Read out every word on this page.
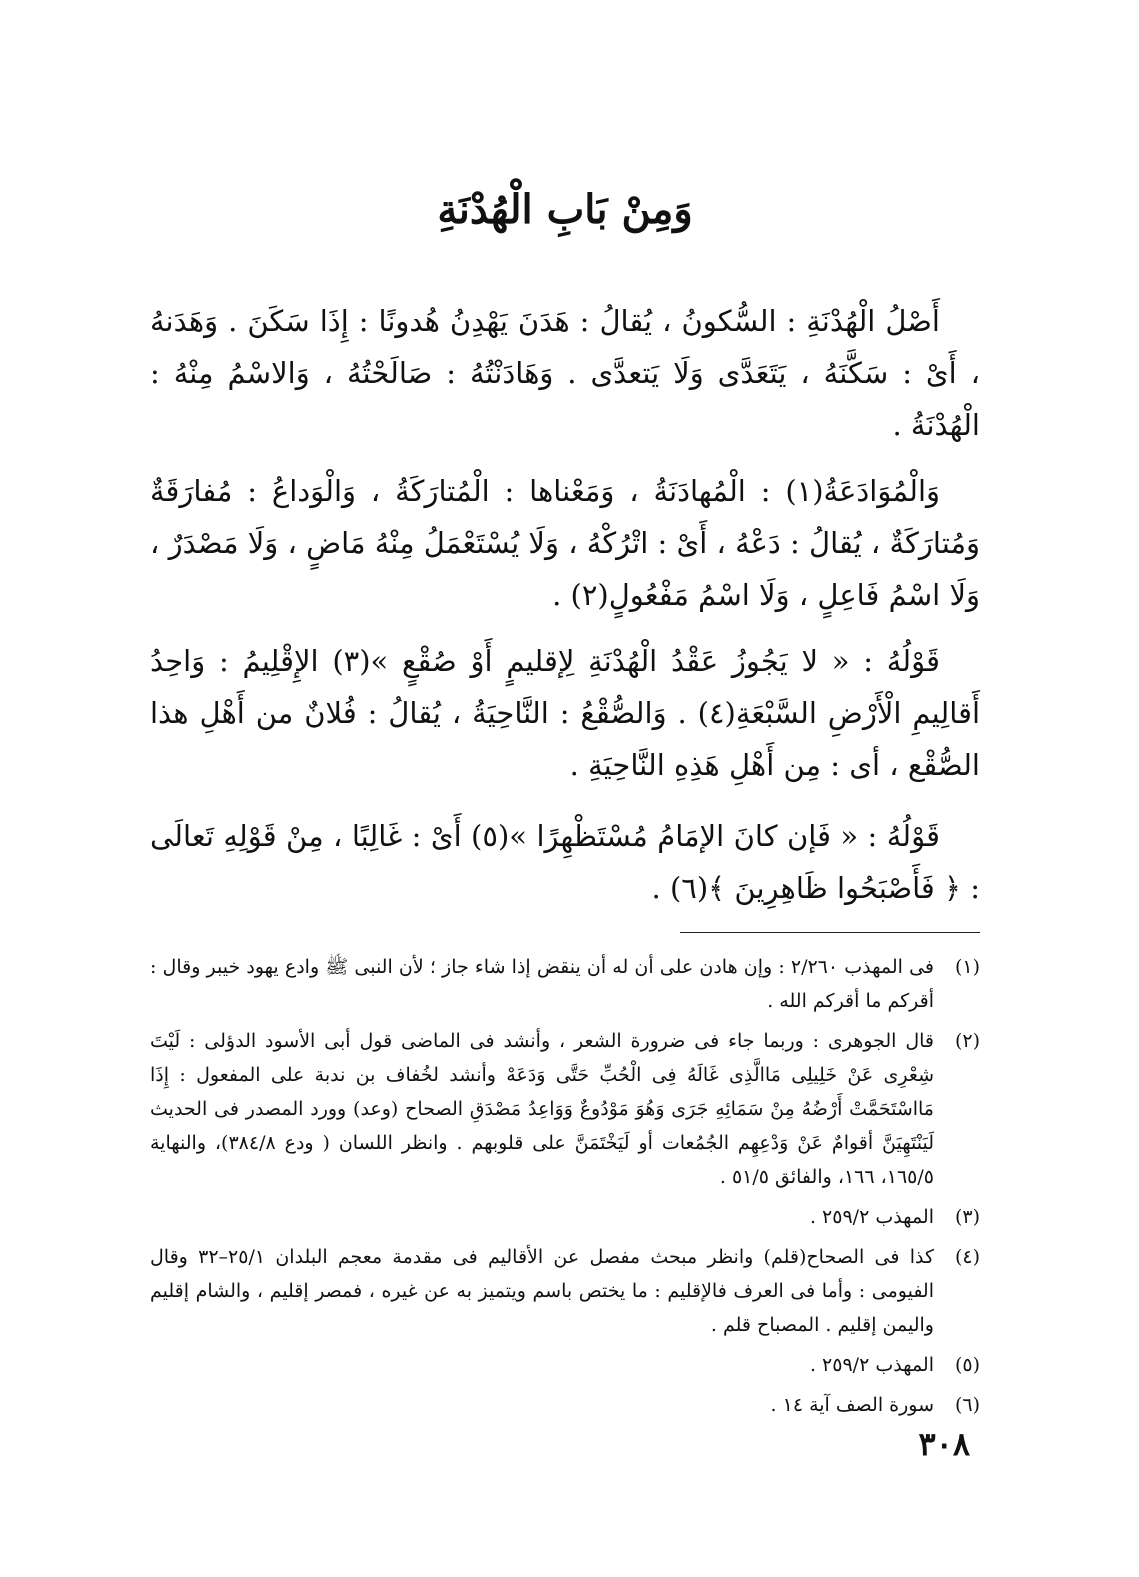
وَمِنْ بَابِ الْهُدْنَةِ

أَصْلُ الْهُدْنَةِ : السُّكونُ ، يُقالُ : هَدَنَ يَهْدِنُ هُدونًا : إِذَا سَكَنَ . وَهَدَنهُ ، أَىْ : سَكَّنَهُ ، يَتَعَدَّى وَلَا يَتعدَّى . وَهَادَنْتُهُ : صَالَحْتُهُ ، وَالاسْمُ مِنْهُ : الْهُدْنَةُ .

وَالْمُوَادَعَةُ(١) : الْمُهادَنَةُ ، وَمَعْناها : الْمُتارَكَةُ ، وَالْوَداعُ : مُفارَقَةٌ وَمُتارَكَةٌ ، يُقالُ : دَعْهُ ، أَىْ : اتْرُكْهُ ، وَلَا يُسْتَعْمَلُ مِنْهُ مَاضٍ ، وَلَا مَصْدَرٌ ، وَلَا اسْمُ فَاعِلٍ ، وَلَا اسْمُ مَفْعُولٍ(٢) .

قَوْلُهُ : « لا يَجُوزُ عَقْدُ الْهُدْنَةِ لِإقليمٍ أَوْ صُقْعٍ »(٣) الإِقْلِيمُ : وَاحِدُ أَقالِيمِ الْأَرْضِ السَّبْعَةِ(٤) . وَالصُّقْعُ : النَّاحِيَةُ ، يُقالُ : فُلانٌ من أَهْلِ هذا الصُّقْع ، أى : مِن أَهْلِ هَذِهِ النَّاحِيَةِ .

قَوْلُهُ : « فَإن كانَ الإمَامُ مُسْتَظْهِرًا »(٥) أَىْ : غَالِبًا ، مِنْ قَوْلِهِ تَعالَى : ﴿ فَأَصْبَحُوا ظَاهِرِينَ ﴾(٦) .

(١)
فى المهذب ٢/٢٦٠ : وإن هادن على أن له أن ينقض إذا شاء جاز ؛ لأن النبى ﷺ وادع يهود خيبر وقال : أقركم ما أقركم الله .
(٢)
قال الجوهرى : وربما جاء فى ضرورة الشعر ، وأنشد فى الماضى قول أبى الأسود الدؤلى : لَيْتَ شِعْرِى عَنْ خَلِيلِى مَاالَّذِى غَالَهُ فِى الْحُبِّ حَتَّى وَدَعَهْ وأنشد لخُفاف بن ندبة على المفعول : إِذَا مَااسْتَحَمَّتْ أَرْضُهُ مِنْ سَمَائِهِ جَرَى وَهُوَ مَوْدُوعٌ وَوَاعِدُ مَصْدَقِ الصحاح (وعد) وورد المصدر فى الحديث لَيَنْتَهِيَنَّ أقوامٌ عَنْ وَدْعِهِم الجُمُعات أو لَيَخْتَمَنَّ على قلوبهم . وانظر اللسان ( ودع ٣٨٤/٨)، والنهاية ١٦٥/٥، ١٦٦، والفائق ٥١/٥ .
(٣)
المهذب ٢٥٩/٢ .
(٤)
كذا فى الصحاح(قلم) وانظر مبحث مفصل عن الأقاليم فى مقدمة معجم البلدان ٢٥/١–٣٢ وقال الفيومى : وأما فى العرف فالإقليم : ما يختص باسم ويتميز به عن غيره ، فمصر إقليم ، والشام إقليم واليمن إقليم . المصباح قلم .
(٥)
المهذب ٢٥٩/٢ .
(٦)
سورة الصف آية ١٤ .

٣٠٨
